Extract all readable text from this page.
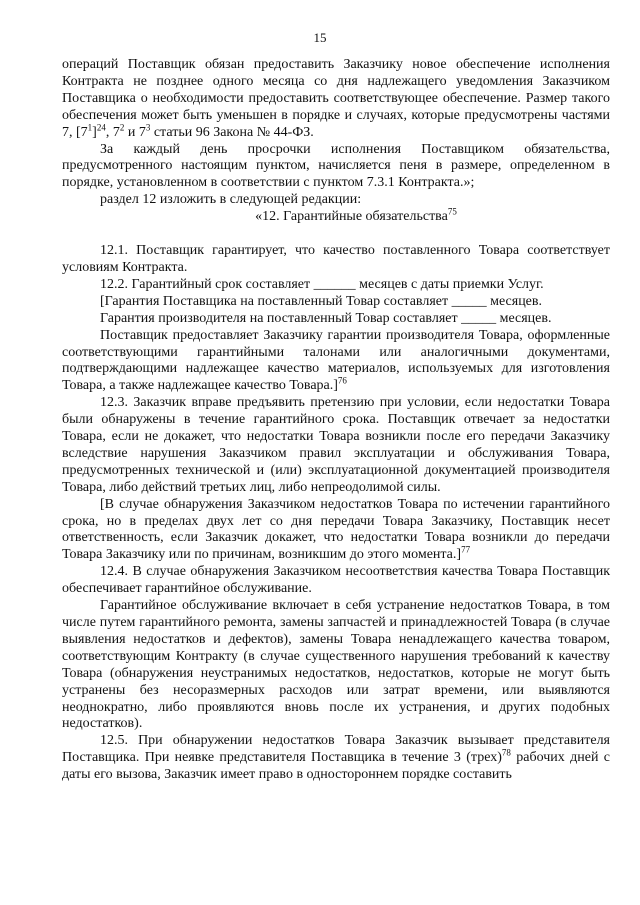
15

операций Поставщик обязан предоставить Заказчику новое обеспечение исполнения Контракта не позднее одного месяца со дня надлежащего уведомления Заказчиком Поставщика о необходимости предоставить соответствующее обеспечение. Размер такого обеспечения может быть уменьшен в порядке и случаях, которые предусмотрены частями 7, $[7^1]^{24}$, $7^2$ и $7^3$ статьи 96 Закона № 44-ФЗ.

За каждый день просрочки исполнения Поставщиком обязательства, предусмотренного настоящим пунктом, начисляется пеня в размере, определенном в порядке, установленном в соответствии с пунктом 7.3.1 Контракта.»;

раздел 12 изложить в следующей редакции:

«12. Гарантийные обязательства$^{75}$

12.1. Поставщик гарантирует, что качество поставленного Товара соответствует условиям Контракта.

12.2. Гарантийный срок составляет ______ месяцев с даты приемки Услуг.

[Гарантия Поставщика на поставленный Товар составляет _____ месяцев.

Гарантия производителя на поставленный Товар составляет _____ месяцев.

Поставщик предоставляет Заказчику гарантии производителя Товара, оформленные соответствующими гарантийными талонами или аналогичными документами, подтверждающими надлежащее качество материалов, используемых для изготовления Товара, а также надлежащее качество Товара.]$^{76}$

12.3. Заказчик вправе предъявить претензию при условии, если недостатки Товара были обнаружены в течение гарантийного срока. Поставщик отвечает за недостатки Товара, если не докажет, что недостатки Товара возникли после его передачи Заказчику вследствие нарушения Заказчиком правил эксплуатации и обслуживания Товара, предусмотренных технической и (или) эксплуатационной документацией производителя Товара, либо действий третьих лиц, либо непреодолимой силы.

[В случае обнаружения Заказчиком недостатков Товара по истечении гарантийного срока, но в пределах двух лет со дня передачи Товара Заказчику, Поставщик несет ответственность, если Заказчик докажет, что недостатки Товара возникли до передачи Товара Заказчику или по причинам, возникшим до этого момента.]$^{77}$

12.4. В случае обнаружения Заказчиком несоответствия качества Товара Поставщик обеспечивает гарантийное обслуживание.

Гарантийное обслуживание включает в себя устранение недостатков Товара, в том числе путем гарантийного ремонта, замены запчастей и принадлежностей Товара (в случае выявления недостатков и дефектов), замены Товара ненадлежащего качества товаром, соответствующим Контракту (в случае существенного нарушения требований к качеству Товара (обнаружения неустранимых недостатков, недостатков, которые не могут быть устранены без несоразмерных расходов или затрат времени, или выявляются неоднократно, либо проявляются вновь после их устранения, и других подобных недостатков).

12.5. При обнаружении недостатков Товара Заказчик вызывает представителя Поставщика. При неявке представителя Поставщика в течение 3 (трех)$^{78}$ рабочих дней с даты его вызова, Заказчик имеет право в одностороннем порядке составить
